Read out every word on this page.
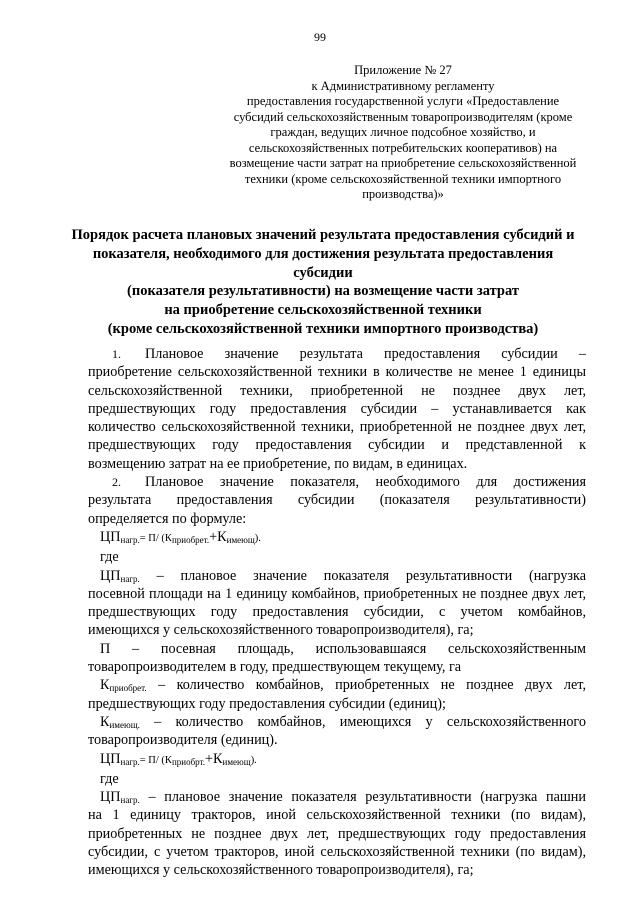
99
Приложение № 27
к Административному регламенту
предоставления государственной услуги «Предоставление
субсидий сельскохозяйственным товаропроизводителям (кроме
граждан, ведущих личное подсобное хозяйство, и
сельскохозяйственных потребительских кооперативов) на
возмещение части затрат на приобретение сельскохозяйственной
техники (кроме сельскохозяйственной техники импортного
производства)»
Порядок расчета плановых значений результата предоставления субсидий и
показателя, необходимого для достижения результата предоставления
субсидии
(показателя результативности) на возмещение части затрат
на приобретение сельскохозяйственной техники
(кроме сельскохозяйственной техники импортного производства)

1. Плановое значение результата предоставления субсидии –
приобретение сельскохозяйственной техники в количестве не менее 1 единицы
сельскохозяйственной техники, приобретенной не позднее двух лет,
предшествующих году предоставления субсидии – устанавливается как
количество сельскохозяйственной техники, приобретенной не позднее двух лет,
предшествующих году предоставления субсидии и представленной к
возмещению затрат на ее приобретение, по видам, в единицах.

2. Плановое значение показателя, необходимого для достижения
результата предоставления субсидии (показателя результативности)
определяется по формуле:

$ЦП_{нагр.}= П/$ $(К_{приобрет.}+К_{имеющ})$.

где

$ЦП_{нагр.}$ – плановое значение показателя результативности (нагрузка
посевной площади на 1 единицу комбайнов, приобретенных не позднее двух лет,
предшествующих году предоставления субсидии, с учетом комбайнов,
имеющихся у сельскохозяйственного товаропроизводителя), га;

П – посевная площадь, использовавшаяся сельскохозяйственным
товаропроизводителем в году, предшествующем текущему, га

$К_{приобрет.}$ – количество комбайнов, приобретенных не позднее двух лет,
предшествующих году предоставления субсидии (единиц);

$К_{имеющ.}$ – количество комбайнов, имеющихся у сельскохозяйственного
товаропроизводителя (единиц).

$ЦП_{нагр.}= П/$ $(К_{приобрт.}+К_{имеющ})$.

где

$ЦП_{нагр.}$ – плановое значение показателя результативности (нагрузка пашни
на 1 единицу тракторов, иной сельскохозяйственной техники (по видам),
приобретенных не позднее двух лет, предшествующих году предоставления
субсидии, с учетом тракторов, иной сельскохозяйственной техники (по видам),
имеющихся у сельскохозяйственного товаропроизводителя), га;
